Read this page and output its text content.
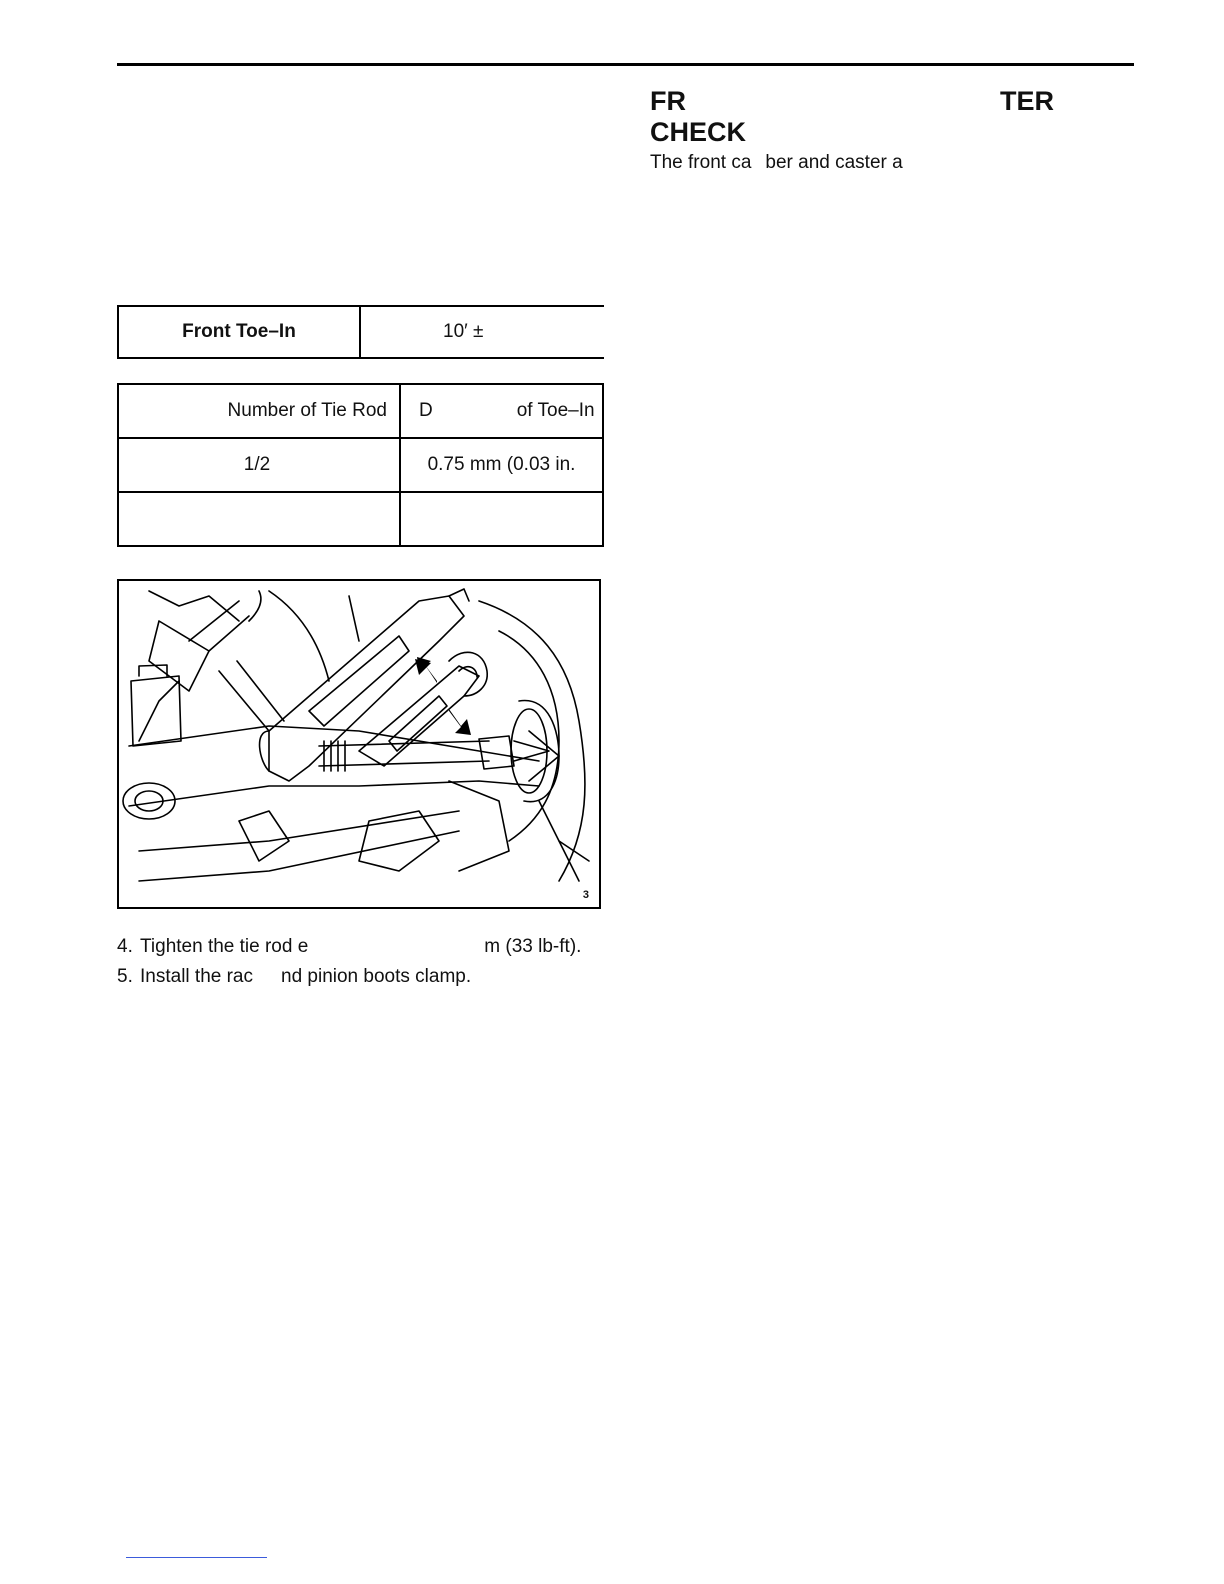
FR	TER
CHECK

The front ca ber and caster a

Front Toe–In	10′ ±
Number of Tie Rod	D of Toe–In
1/2	0.75 mm (0.03 in.

3
4. Tighten the tie rod e	m (33 lb-ft).
5. Install the rac nd pinion boots clamp.
